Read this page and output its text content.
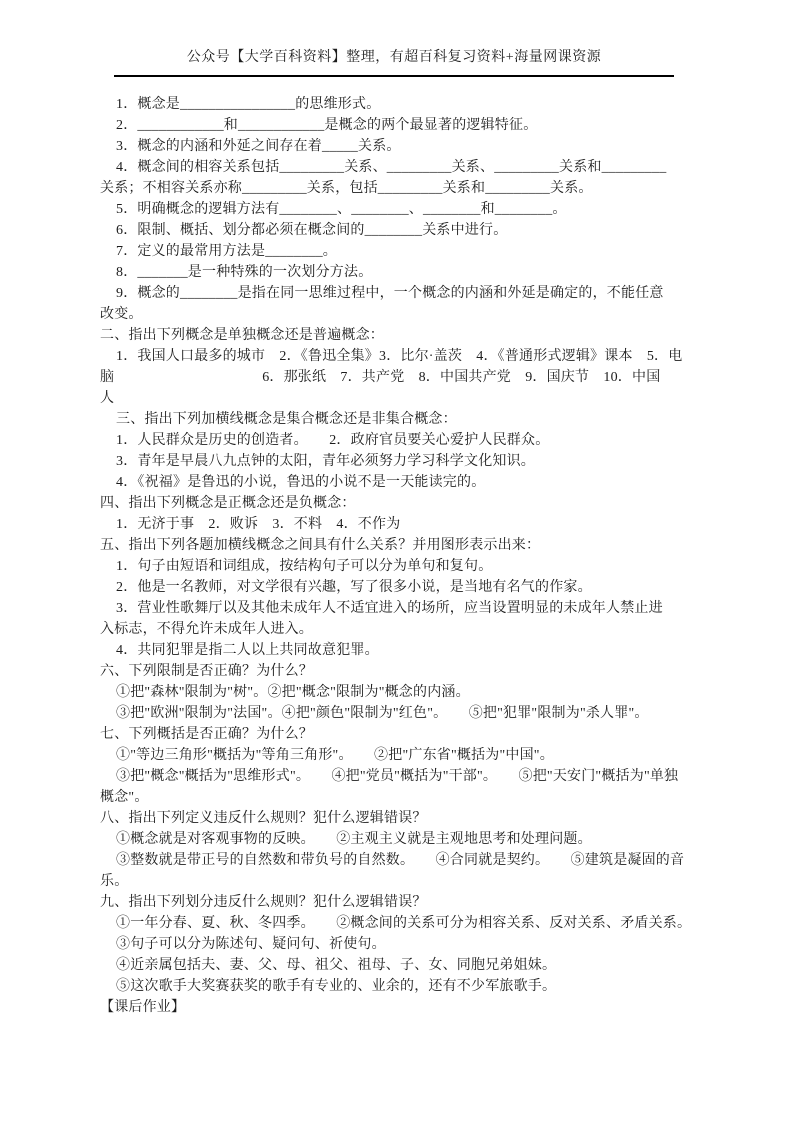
公众号【大学百科资料】整理，有超百科复习资料+海量网课资源
1．概念是________________的思维形式。
2．____________和____________是概念的两个最显著的逻辑特征。
3．概念的内涵和外延之间存在着_____关系。
4．概念间的相容关系包括_________关系、_________关系、_________关系和_________
关系；不相容关系亦称_________关系，包括_________关系和_________关系。
5．明确概念的逻辑方法有________、________、________和________。
6．限制、概括、划分都必须在概念间的________关系中进行。
7．定义的最常用方法是________。
8．_______是一种特殊的一次划分方法。
9．概念的________是指在同一思维过程中，一个概念的内涵和外延是确定的，不能任意
改变。
二、指出下列概念是单独概念还是普遍概念：
1．我国人口最多的城市　2．《鲁迅全集》3．比尔·盖茨　4．《普通形式逻辑》课本　5．电
脑	6．那张纸　7．共产党　8．中国共产党　9．国庆节　10．中国
人
三、指出下列加横线概念是集合概念还是非集合概念：
1．人民群众是历史的创造者。　　2．政府官员要关心爱护人民群众。
3．青年是早晨八九点钟的太阳，青年必须努力学习科学文化知识。
4．《祝福》是鲁迅的小说，鲁迅的小说不是一天能读完的。
四、指出下列概念是正概念还是负概念：
1．无济于事　2．败诉　3．不料　4．不作为
五、指出下列各题加横线概念之间具有什么关系？并用图形表示出来：
1．句子由短语和词组成，按结构句子可以分为单句和复句。
2．他是一名教师，对文学很有兴趣，写了很多小说，是当地有名气的作家。
3．营业性歌舞厅以及其他未成年人不适宜进入的场所，应当设置明显的未成年人禁止进
入标志，不得允许未成年人进入。
4．共同犯罪是指二人以上共同故意犯罪。
六、下列限制是否正确？为什么？
①把"森林"限制为"树"。②把"概念"限制为"概念的内涵。
③把"欧洲"限制为"法国"。④把"颜色"限制为"红色"。　　⑤把"犯罪"限制为"杀人罪"。
七、下列概括是否正确？为什么？
①"等边三角形"概括为"等角三角形"。　　②把"广东省"概括为"中国"。
③把"概念"概括为"思维形式"。　　④把"党员"概括为"干部"。　　⑤把"天安门"概括为"单独
概念"。
八、指出下列定义违反什么规则？犯什么逻辑错误？
①概念就是对客观事物的反映。　　②主观主义就是主观地思考和处理问题。
③整数就是带正号的自然数和带负号的自然数。　　④合同就是契约。　　⑤建筑是凝固的音
乐。
九、指出下列划分违反什么规则？犯什么逻辑错误？
①一年分春、夏、秋、冬四季。　　②概念间的关系可分为相容关系、反对关系、矛盾关系。
③句子可以分为陈述句、疑问句、祈使句。
④近亲属包括夫、妻、父、母、祖父、祖母、子、女、同胞兄弟姐妹。
⑤这次歌手大奖赛获奖的歌手有专业的、业余的，还有不少军旅歌手。
【课后作业】
